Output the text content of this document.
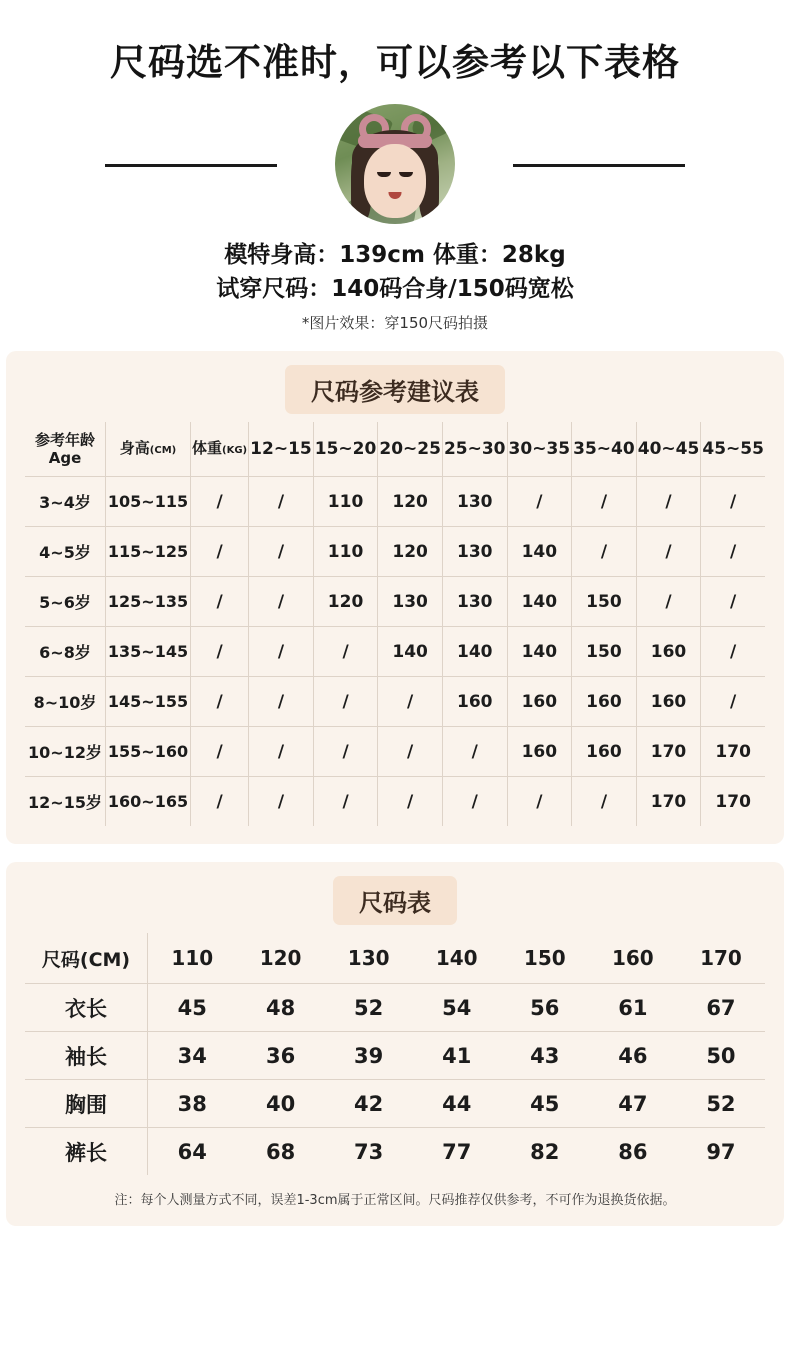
尺码选不准时，可以参考以下表格
模特身高：139cm 体重：28kg
试穿尺码：140码合身/150码宽松
*图片效果：穿150尺码拍摄
尺码参考建议表
参考年龄
Age	身高(CM)	体重(KG)	12~15	15~20	20~25	25~30	30~35	35~40	40~45	45~55
3~4岁	105~115	/	/	110	120	130	/	/	/	/
4~5岁	115~125	/	/	110	120	130	140	/	/	/
5~6岁	125~135	/	/	120	130	130	140	150	/	/
6~8岁	135~145	/	/	/	140	140	140	150	160	/
8~10岁	145~155	/	/	/	/	160	160	160	160	/
10~12岁	155~160	/	/	/	/	/	160	160	170	170
12~15岁	160~165	/	/	/	/	/	/	/	170	170
尺码表
尺码(CM)	110	120	130	140	150	160	170
衣长	45	48	52	54	56	61	67
袖长	34	36	39	41	43	46	50
胸围	38	40	42	44	45	47	52
裤长	64	68	73	77	82	86	97
注：每个人测量方式不同，误差1-3cm属于正常区间。尺码推荐仅供参考，不可作为退换货依据。
